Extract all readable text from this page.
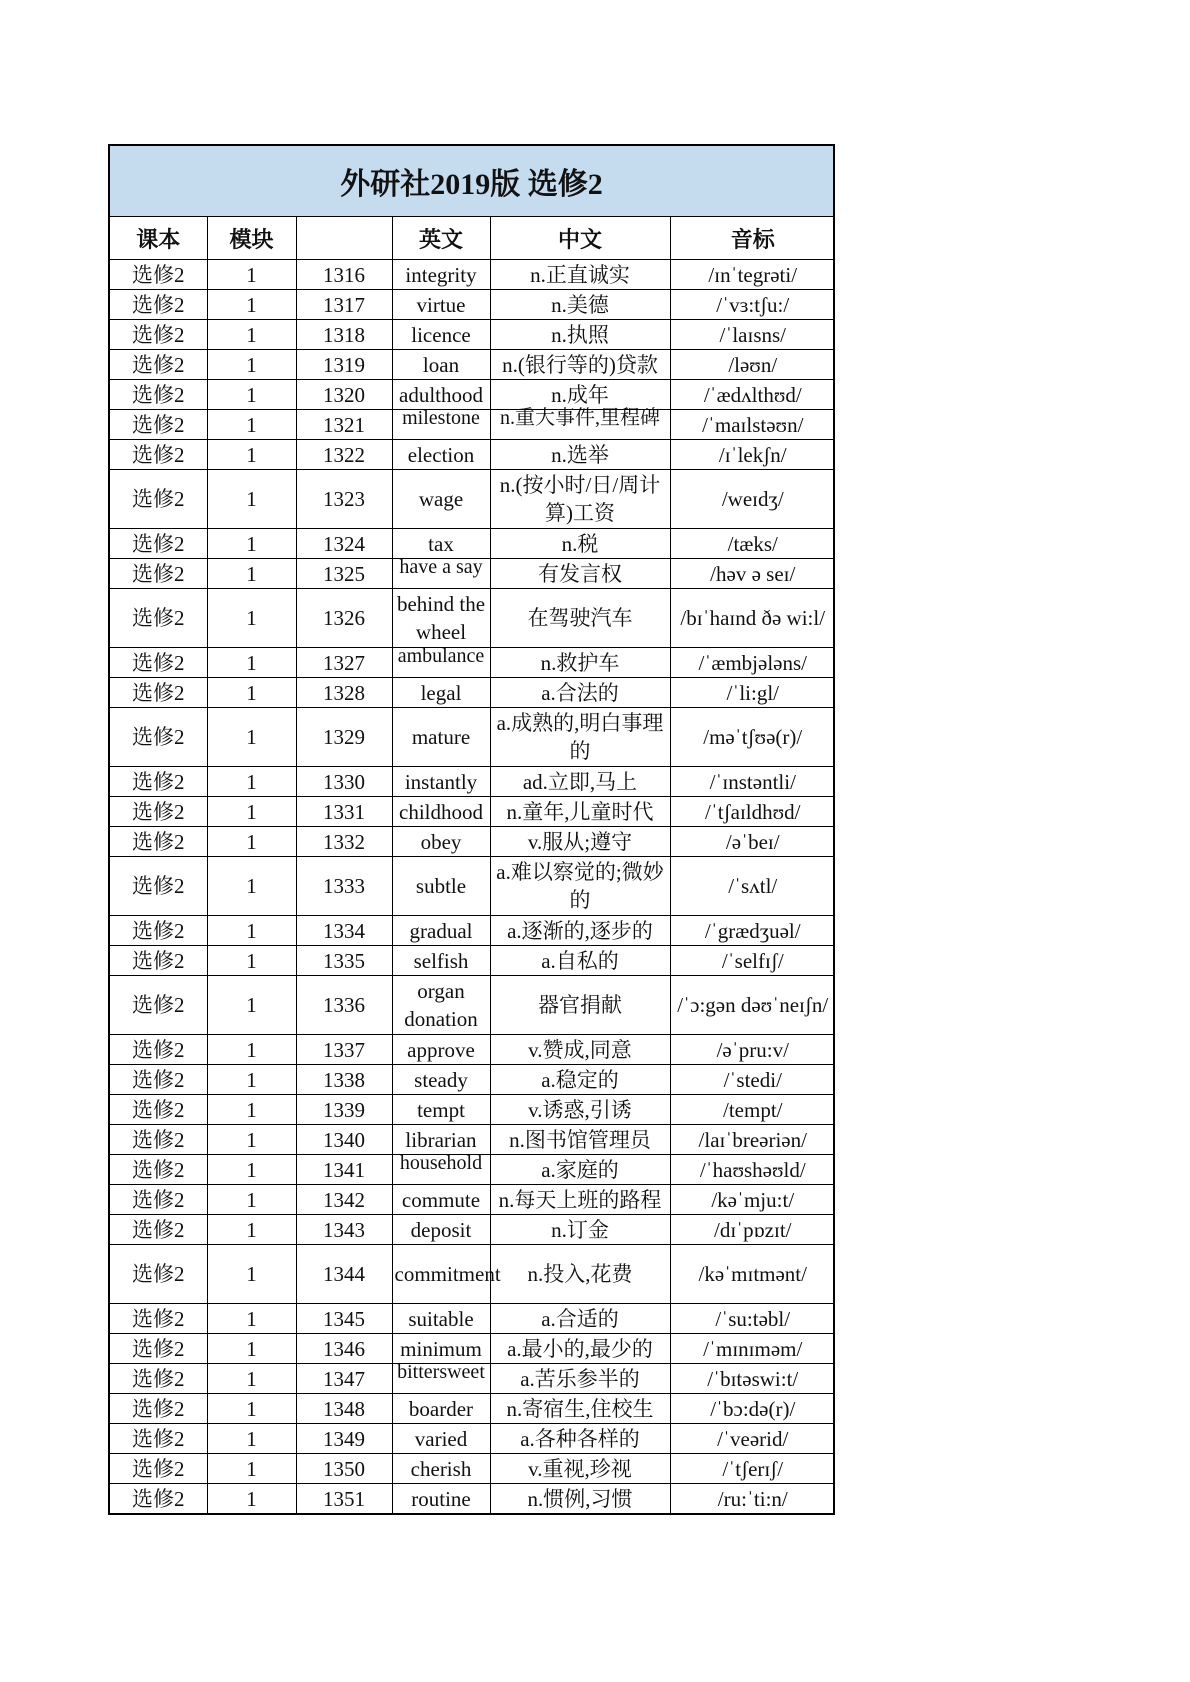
外研社2019版 选修2
课本	模块		英文	中文	音标
选修2	1	1316	integrity	n.正直诚实	/ɪnˈtegrəti/
选修2	1	1317	virtue	n.美德	/ˈvɜ:tʃu:/
选修2	1	1318	licence	n.执照	/ˈlaɪsns/
选修2	1	1319	loan	n.(银行等的)贷款	/ləʊn/
选修2	1	1320	adulthood	n.成年	/ˈædʌlthʊd/
选修2	1	1321	milestone	n.重大事件,里程碑	/ˈmaɪlstəʊn/
选修2	1	1322	election	n.选举	/ɪˈlekʃn/
选修2	1	1323	wage	n.(按小时/日/周计算)工资	/weɪdʒ/
选修2	1	1324	tax	n.税	/tæks/
选修2	1	1325	have a say	有发言权	/həv ə seɪ/
选修2	1	1326	behind the wheel	在驾驶汽车	/bɪˈhaɪnd ðə wi:l/
选修2	1	1327	ambulance	n.救护车	/ˈæmbjələns/
选修2	1	1328	legal	a.合法的	/ˈli:gl/
选修2	1	1329	mature	a.成熟的,明白事理的	/məˈtʃʊə(r)/
选修2	1	1330	instantly	ad.立即,马上	/ˈɪnstəntli/
选修2	1	1331	childhood	n.童年,儿童时代	/ˈtʃaɪldhʊd/
选修2	1	1332	obey	v.服从;遵守	/əˈbeɪ/
选修2	1	1333	subtle	a.难以察觉的;微妙的	/ˈsʌtl/
选修2	1	1334	gradual	a.逐渐的,逐步的	/ˈgrædʒuəl/
选修2	1	1335	selfish	a.自私的	/ˈselfɪʃ/
选修2	1	1336	organ donation	器官捐献	/ˈɔ:gən dəʊˈneɪʃn/
选修2	1	1337	approve	v.赞成,同意	/əˈpru:v/
选修2	1	1338	steady	a.稳定的	/ˈstedi/
选修2	1	1339	tempt	v.诱惑,引诱	/tempt/
选修2	1	1340	librarian	n.图书馆管理员	/laɪˈbreəriən/
选修2	1	1341	household	a.家庭的	/ˈhaʊshəʊld/
选修2	1	1342	commute	n.每天上班的路程	/kəˈmju:t/
选修2	1	1343	deposit	n.订金	/dɪˈpɒzɪt/
选修2	1	1344	commitment	n.投入,花费	/kəˈmɪtmənt/
选修2	1	1345	suitable	a.合适的	/ˈsu:təbl/
选修2	1	1346	minimum	a.最小的,最少的	/ˈmɪnɪməm/
选修2	1	1347	bittersweet	a.苦乐参半的	/ˈbɪtəswi:t/
选修2	1	1348	boarder	n.寄宿生,住校生	/ˈbɔ:də(r)/
选修2	1	1349	varied	a.各种各样的	/ˈveərid/
选修2	1	1350	cherish	v.重视,珍视	/ˈtʃerɪʃ/
选修2	1	1351	routine	n.惯例,习惯	/ru:ˈti:n/
